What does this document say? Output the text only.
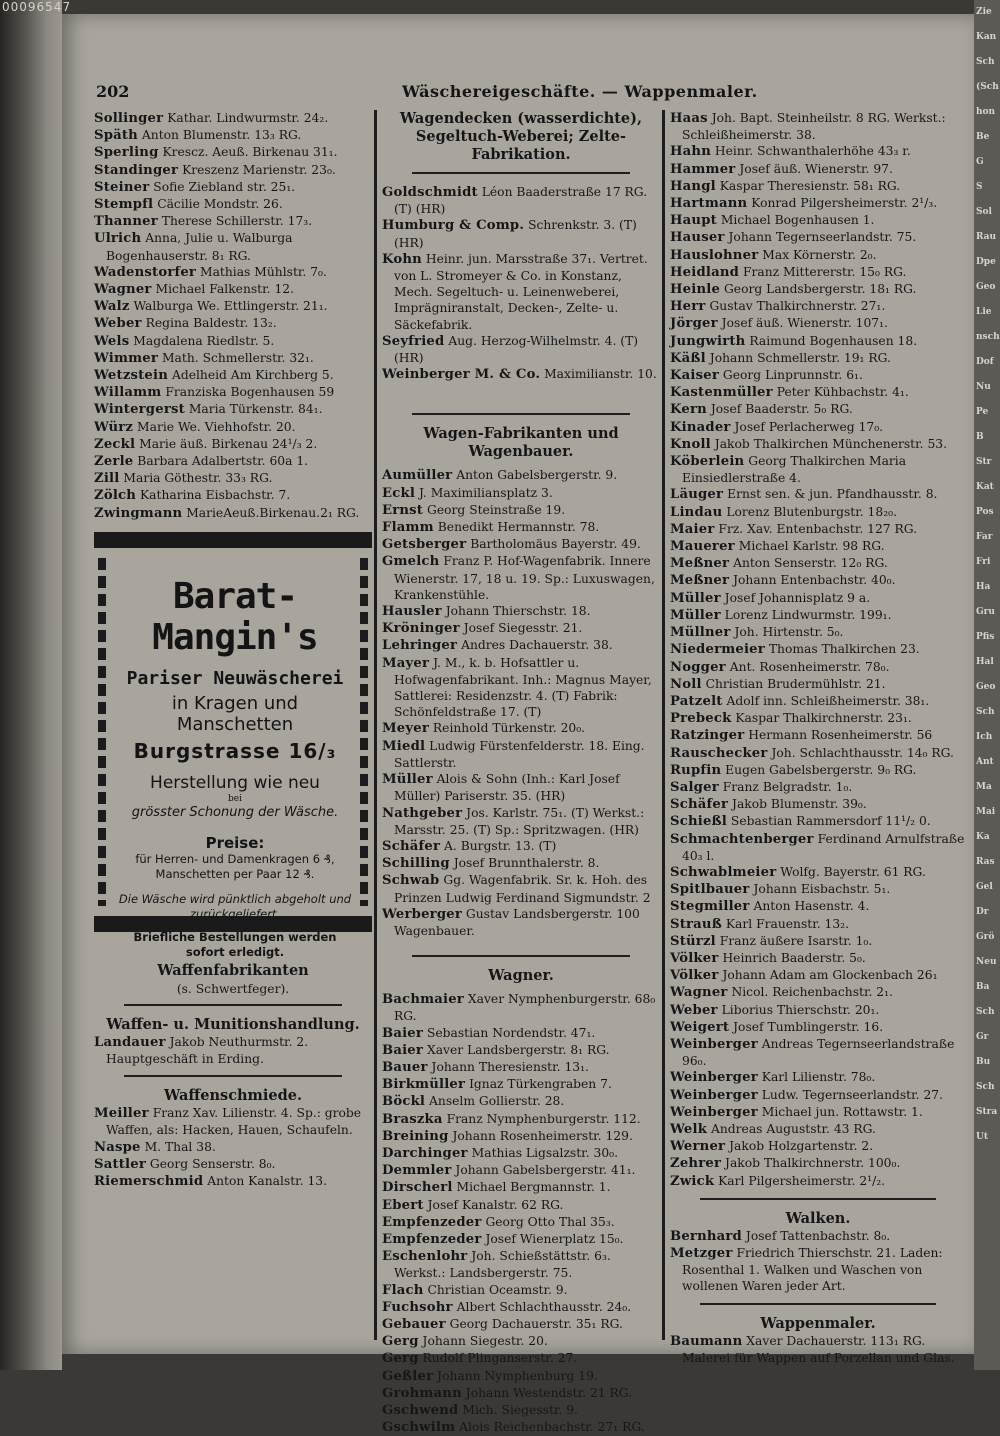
00096547	Zie
Kan
Sch
(Sch
hon
Be
G
S
Sol
Rau
Dpe
Geo
Lie
nsch
Dof
Nu
Pe
B
Str
Kat
Pos
Far
Fri
Ha
Gru
Pfis
Hal
Geo
Sch
Ich
Ant
Ma
Mai
Ka
Ras
Gel
Dr
Grö
Neu
Ba
Sch
Gr
Bu
Sch
Stra
Ut
202	Wäschereigeschäfte. — Wappenmaler.

Sollinger Kathar. Lindwurmstr. 24₂.

Späth Anton Blumenstr. 13₃ RG.

Sperling Krescz. Aeuß. Birkenau 31₁.

Standinger Kreszenz Marienstr. 23₀.

Steiner Sofie Ziebland str. 25₁.

Stempfl Cäcilie Mondstr. 26.

Thanner Therese Schillerstr. 17₃.

Ulrich Anna, Julie u. Walburga Bogenhauserstr. 8₁ RG.

Wadenstorfer Mathias Mühlstr. 7₀.

Wagner Michael Falkenstr. 12.

Walz Walburga We. Ettlingerstr. 21₁.

Weber Regina Baldestr. 13₂.

Wels Magdalena Riedlstr. 5.

Wimmer Math. Schmellerstr. 32₁.

Wetzstein Adelheid Am Kirchberg 5.

Willamm Franziska Bogenhausen 59

Wintergerst Maria Türkenstr. 84₁.

Würz Marie We. Viehhofstr. 20.

Zeckl Marie äuß. Birkenau 24¹/₃ 2.

Zerle Barbara Adalbertstr. 60a 1.

Zill Maria Göthestr. 33₃ RG.

Zölch Katharina Eisbachstr. 7.

Zwingmann MarieAeuß.Birkenau.2₁ RG.

Barat-Mangin's
Pariser Neuwäscherei
in Kragen und Manschetten
Burgstrasse 16/₃
Herstellung wie neu
bei
grösster Schonung der Wäsche.
Preise:
für Herren- und Damenkragen 6 ₰,
Manschetten per Paar 12 ₰.
Die Wäsche wird pünktlich abgeholt und zurückgeliefert.
Briefliche Bestellungen werden sofort erledigt.

Waffenfabrikanten

(s. Schwertfeger).

Waffen- u. Munitionshandlung.

Landauer Jakob Neuthurmstr. 2. Hauptgeschäft in Erding.

Waffenschmiede.

Meiller Franz Xav. Lilienstr. 4. Sp.: grobe Waffen, als: Hacken, Hauen, Schaufeln.

Naspe M. Thal 38.

Sattler Georg Senserstr. 8₀.

Riemerschmid Anton Kanalstr. 13.

Wagendecken (wasserdichte), Segeltuch-Weberei; Zelte-Fabrikation.

Goldschmidt Léon Baaderstraße 17 RG. (T) (HR)

Humburg & Comp. Schrenkstr. 3. (T)(HR)

Kohn Heinr. jun. Marsstraße 37₁. Vertret. von L. Stromeyer & Co. in Konstanz, Mech. Segeltuch- u. Leinenweberei, Imprägniranstalt, Decken-, Zelte- u. Säckefabrik.

Seyfried Aug. Herzog-Wilhelmstr. 4. (T)(HR)

Weinberger M. & Co. Maximilianstr. 10.

Wagen-Fabrikanten und Wagenbauer.

Aumüller Anton Gabelsbergerstr. 9.

Eckl J. Maximiliansplatz 3.

Ernst Georg Steinstraße 19.

Flamm Benedikt Hermannstr. 78.

Getsberger Bartholomäus Bayerstr. 49.

Gmelch Franz P. Hof-Wagenfabrik. Innere Wienerstr. 17, 18 u. 19. Sp.: Luxuswagen, Krankenstühle.

Hausler Johann Thierschstr. 18.

Kröninger Josef Siegesstr. 21.

Lehringer Andres Dachauerstr. 38.

Mayer J. M., k. b. Hofsattler u. Hofwagenfabrikant. Inh.: Magnus Mayer, Sattlerei: Residenzstr. 4. (T) Fabrik: Schönfeldstraße 17. (T)

Meyer Reinhold Türkenstr. 20₀.

Miedl Ludwig Fürstenfelderstr. 18. Eing. Sattlerstr.

Müller Alois & Sohn (Inh.: Karl Josef Müller) Pariserstr. 35. (HR)

Nathgeber Jos. Karlstr. 75₁. (T) Werkst.: Marsstr. 25. (T) Sp.: Spritzwagen. (HR)

Schäfer A. Burgstr. 13. (T)

Schilling Josef Brunnthalerstr. 8.

Schwab Gg. Wagenfabrik. Sr. k. Hoh. des Prinzen Ludwig Ferdinand Sigmundstr. 2

Werberger Gustav Landsbergerstr. 100 Wagenbauer.

Wagner.

Bachmaier Xaver Nymphenburgerstr. 68₀ RG.

Baier Sebastian Nordendstr. 47₁.

Baier Xaver Landsbergerstr. 8₁ RG.

Bauer Johann Theresienstr. 13₁.

Birkmüller Ignaz Türkengraben 7.

Böckl Anselm Gollierstr. 28.

Braszka Franz Nymphenburgerstr. 112.

Breining Johann Rosenheimerstr. 129.

Darchinger Mathias Ligsalzstr. 30₀.

Demmler Johann Gabelsbergerstr. 41₁.

Dirscherl Michael Bergmannstr. 1.

Ebert Josef Kanalstr. 62 RG.

Empfenzeder Georg Otto Thal 35₃.

Empfenzeder Josef Wienerplatz 15₀.

Eschenlohr Joh. Schießstättstr. 6₃. Werkst.: Landsbergerstr. 75.

Flach Christian Oceamstr. 9.

Fuchsohr Albert Schlachthausstr. 24₀.

Gebauer Georg Dachauerstr. 35₁ RG.

Gerg Johann Siegestr. 20.

Gerg Rudolf Plinganserstr. 27.

Geßler Johann Nymphenburg 19.

Grohmann Johann Westendstr. 21 RG.

Gschwend Mich. Siegesstr. 9.

Gschwilm Alois Reichenbachstr. 27₁ RG.

Haas Joh. Bapt. Steinheilstr. 8 RG. Werkst.: Schleißheimerstr. 38.

Hahn Heinr. Schwanthalerhöhe 43₃ r.

Hammer Josef äuß. Wienerstr. 97.

Hangl Kaspar Theresienstr. 58₁ RG.

Hartmann Konrad Pilgersheimerstr. 2¹/₃.

Haupt Michael Bogenhausen 1.

Hauser Johann Tegernseerlandstr. 75.

Hauslohner Max Körnerstr. 2₀.

Heidland Franz Mittererstr. 15₀ RG.

Heinle Georg Landsbergerstr. 18₁ RG.

Herr Gustav Thalkirchnerstr. 27₁.

Jörger Josef äuß. Wienerstr. 107₁.

Jungwirth Raimund Bogenhausen 18.

Käßl Johann Schmellerstr. 19₁ RG.

Kaiser Georg Linprunnstr. 6₁.

Kastenmüller Peter Kühbachstr. 4₁.

Kern Josef Baaderstr. 5₀ RG.

Kinader Josef Perlacherweg 17₀.

Knoll Jakob Thalkirchen Münchenerstr. 53.

Köberlein Georg Thalkirchen Maria Einsiedlerstraße 4.

Läuger Ernst sen. & jun. Pfandhausstr. 8.

Lindau Lorenz Blutenburgstr. 18₂₀.

Maier Frz. Xav. Entenbachstr. 127 RG.

Mauerer Michael Karlstr. 98 RG.

Meßner Anton Senserstr. 12₀ RG.

Meßner Johann Entenbachstr. 40₀.

Müller Josef Johannisplatz 9 a.

Müller Lorenz Lindwurmstr. 199₁.

Müllner Joh. Hirtenstr. 5₀.

Niedermeier Thomas Thalkirchen 23.

Nogger Ant. Rosenheimerstr. 78₀.

Noll Christian Brudermühlstr. 21.

Patzelt Adolf inn. Schleißheimerstr. 38₁.

Prebeck Kaspar Thalkirchnerstr. 23₁.

Ratzinger Hermann Rosenheimerstr. 56

Rauschecker Joh. Schlachthausstr. 14₀ RG.

Rupfin Eugen Gabelsbergerstr. 9₀ RG.

Salger Franz Belgradstr. 1₀.

Schäfer Jakob Blumenstr. 39₀.

Schießl Sebastian Rammersdorf 11¹/₂ 0.

Schmachtenberger Ferdinand Arnulfstraße 40₃ l.

Schwablmeier Wolfg. Bayerstr. 61 RG.

Spitlbauer Johann Eisbachstr. 5₁.

Stegmiller Anton Hasenstr. 4.

Strauß Karl Frauenstr. 13₂.

Stürzl Franz äußere Isarstr. 1₀.

Völker Heinrich Baaderstr. 5₀.

Völker Johann Adam am Glockenbach 26₁

Wagner Nicol. Reichenbachstr. 2₁.

Weber Liborius Thierschstr. 20₁.

Weigert Josef Tumblingerstr. 16.

Weinberger Andreas Tegernseerlandstraße 96₀.

Weinberger Karl Lilienstr. 78₀.

Weinberger Ludw. Tegernseerlandstr. 27.

Weinberger Michael jun. Rottawstr. 1.

Welk Andreas Auguststr. 43 RG.

Werner Jakob Holzgartenstr. 2.

Zehrer Jakob Thalkirchnerstr. 100₀.

Zwick Karl Pilgersheimerstr. 2¹/₂.

Walken.

Bernhard Josef Tattenbachstr. 8₀.

Metzger Friedrich Thierschstr. 21. Laden: Rosenthal 1. Walken und Waschen von wollenen Waren jeder Art.

Wappenmaler.

Baumann Xaver Dachauerstr. 113₁ RG. Malerei für Wappen auf Porzellan und Glas.
